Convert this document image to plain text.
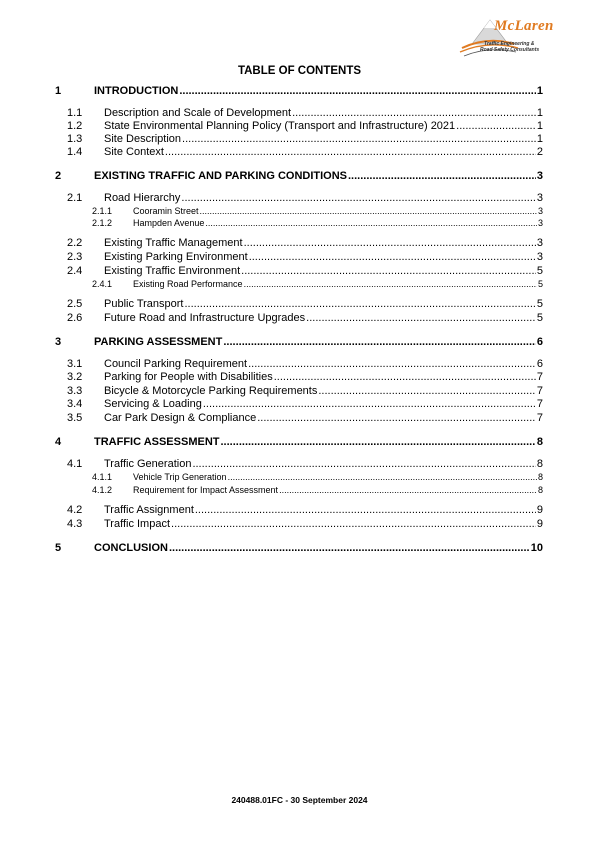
McLaren
Traffic Engineering &
Road Safety Consultants
TABLE OF CONTENTS
1	INTRODUCTION .....	1
1.1	Description and Scale of Development .....	1
1.2	State Environmental Planning Policy (Transport and Infrastructure) 2021 .....	1
1.3	Site Description .....	1
1.4	Site Context .....	2
2	EXISTING TRAFFIC AND PARKING CONDITIONS .....	3
2.1	Road Hierarchy .....	3
2.1.1	Cooramin Street .....	3
2.1.2	Hampden Avenue .....	3
2.2	Existing Traffic Management .....	3
2.3	Existing Parking Environment .....	3
2.4	Existing Traffic Environment .....	5
2.4.1	Existing Road Performance .....	5
2.5	Public Transport .....	5
2.6	Future Road and Infrastructure Upgrades .....	5
3	PARKING ASSESSMENT .....	6
3.1	Council Parking Requirement .....	6
3.2	Parking for People with Disabilities .....	7
3.3	Bicycle & Motorcycle Parking Requirements .....	7
3.4	Servicing & Loading .....	7
3.5	Car Park Design & Compliance .....	7
4	TRAFFIC ASSESSMENT .....	8
4.1	Traffic Generation .....	8
4.1.1	Vehicle Trip Generation .....	8
4.1.2	Requirement for Impact Assessment .....	8
4.2	Traffic Assignment .....	9
4.3	Traffic Impact .....	9
5	CONCLUSION .....	10
240488.01FC - 30 September 2024
